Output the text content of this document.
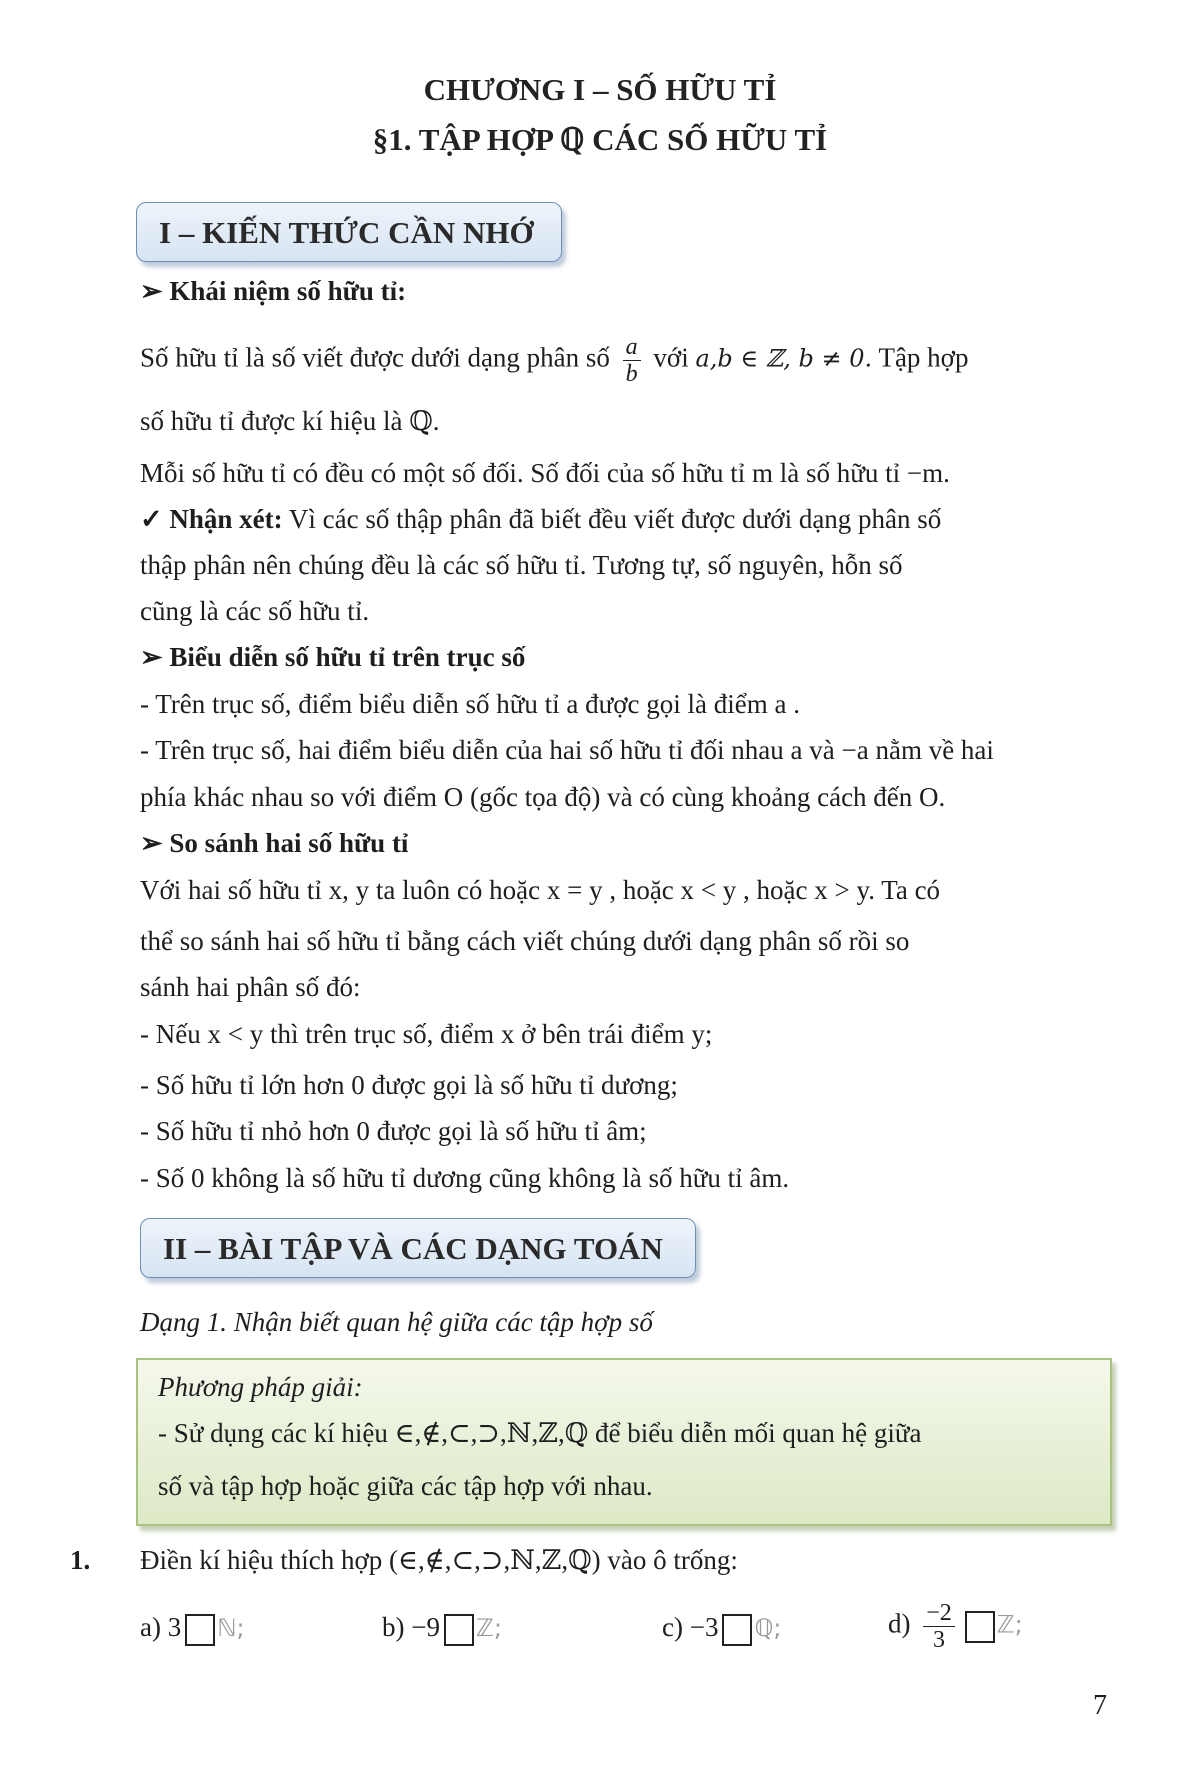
CHƯƠNG I – SỐ HỮU TỈ
§1. TẬP HỢP ℚ CÁC SỐ HỮU TỈ
I – KIẾN THỨC CẦN NHỚ
➢ Khái niệm số hữu tỉ:
Số hữu tỉ là số viết được dưới dạng phân số $\frac{a}{b}$ với a,b ∈ ℤ, b ≠ 0. Tập hợp
số hữu tỉ được kí hiệu là ℚ.
Mỗi số hữu tỉ có đều có một số đối. Số đối của số hữu tỉ m là số hữu tỉ −m.
✓ Nhận xét: Vì các số thập phân đã biết đều viết được dưới dạng phân số
thập phân nên chúng đều là các số hữu tỉ. Tương tự, số nguyên, hỗn số
cũng là các số hữu tỉ.
➢ Biểu diễn số hữu tỉ trên trục số
- Trên trục số, điểm biểu diễn số hữu tỉ a được gọi là điểm a .
- Trên trục số, hai điểm biểu diễn của hai số hữu tỉ đối nhau a và −a nằm về hai
phía khác nhau so với điểm O (gốc tọa độ) và có cùng khoảng cách đến O.
➢ So sánh hai số hữu tỉ
Với hai số hữu tỉ x, y ta luôn có hoặc x = y , hoặc x < y , hoặc x > y. Ta có
thể so sánh hai số hữu tỉ bằng cách viết chúng dưới dạng phân số rồi so
sánh hai phân số đó:
- Nếu x < y thì trên trục số, điểm x ở bên trái điểm y;
- Số hữu tỉ lớn hơn 0 được gọi là số hữu tỉ dương;
- Số hữu tỉ nhỏ hơn 0 được gọi là số hữu tỉ âm;
- Số 0 không là số hữu tỉ dương cũng không là số hữu tỉ âm.
II – BÀI TẬP VÀ CÁC DẠNG TOÁN
Dạng 1. Nhận biết quan hệ giữa các tập hợp số
Phương pháp giải:
- Sử dụng các kí hiệu ∈,∉,⊂,⊃,ℕ,ℤ,ℚ để biểu diễn mối quan hệ giữa
số và tập hợp hoặc giữa các tập hợp với nhau.
1.	Điền kí hiệu thích hợp (∈,∉,⊂,⊃,ℕ,ℤ,ℚ) vào ô trống:
a) 3 ℕ;	b) −9 ℤ;	c) −3 ℚ;	$d) \frac{-2}{3}$ ℤ;
7
